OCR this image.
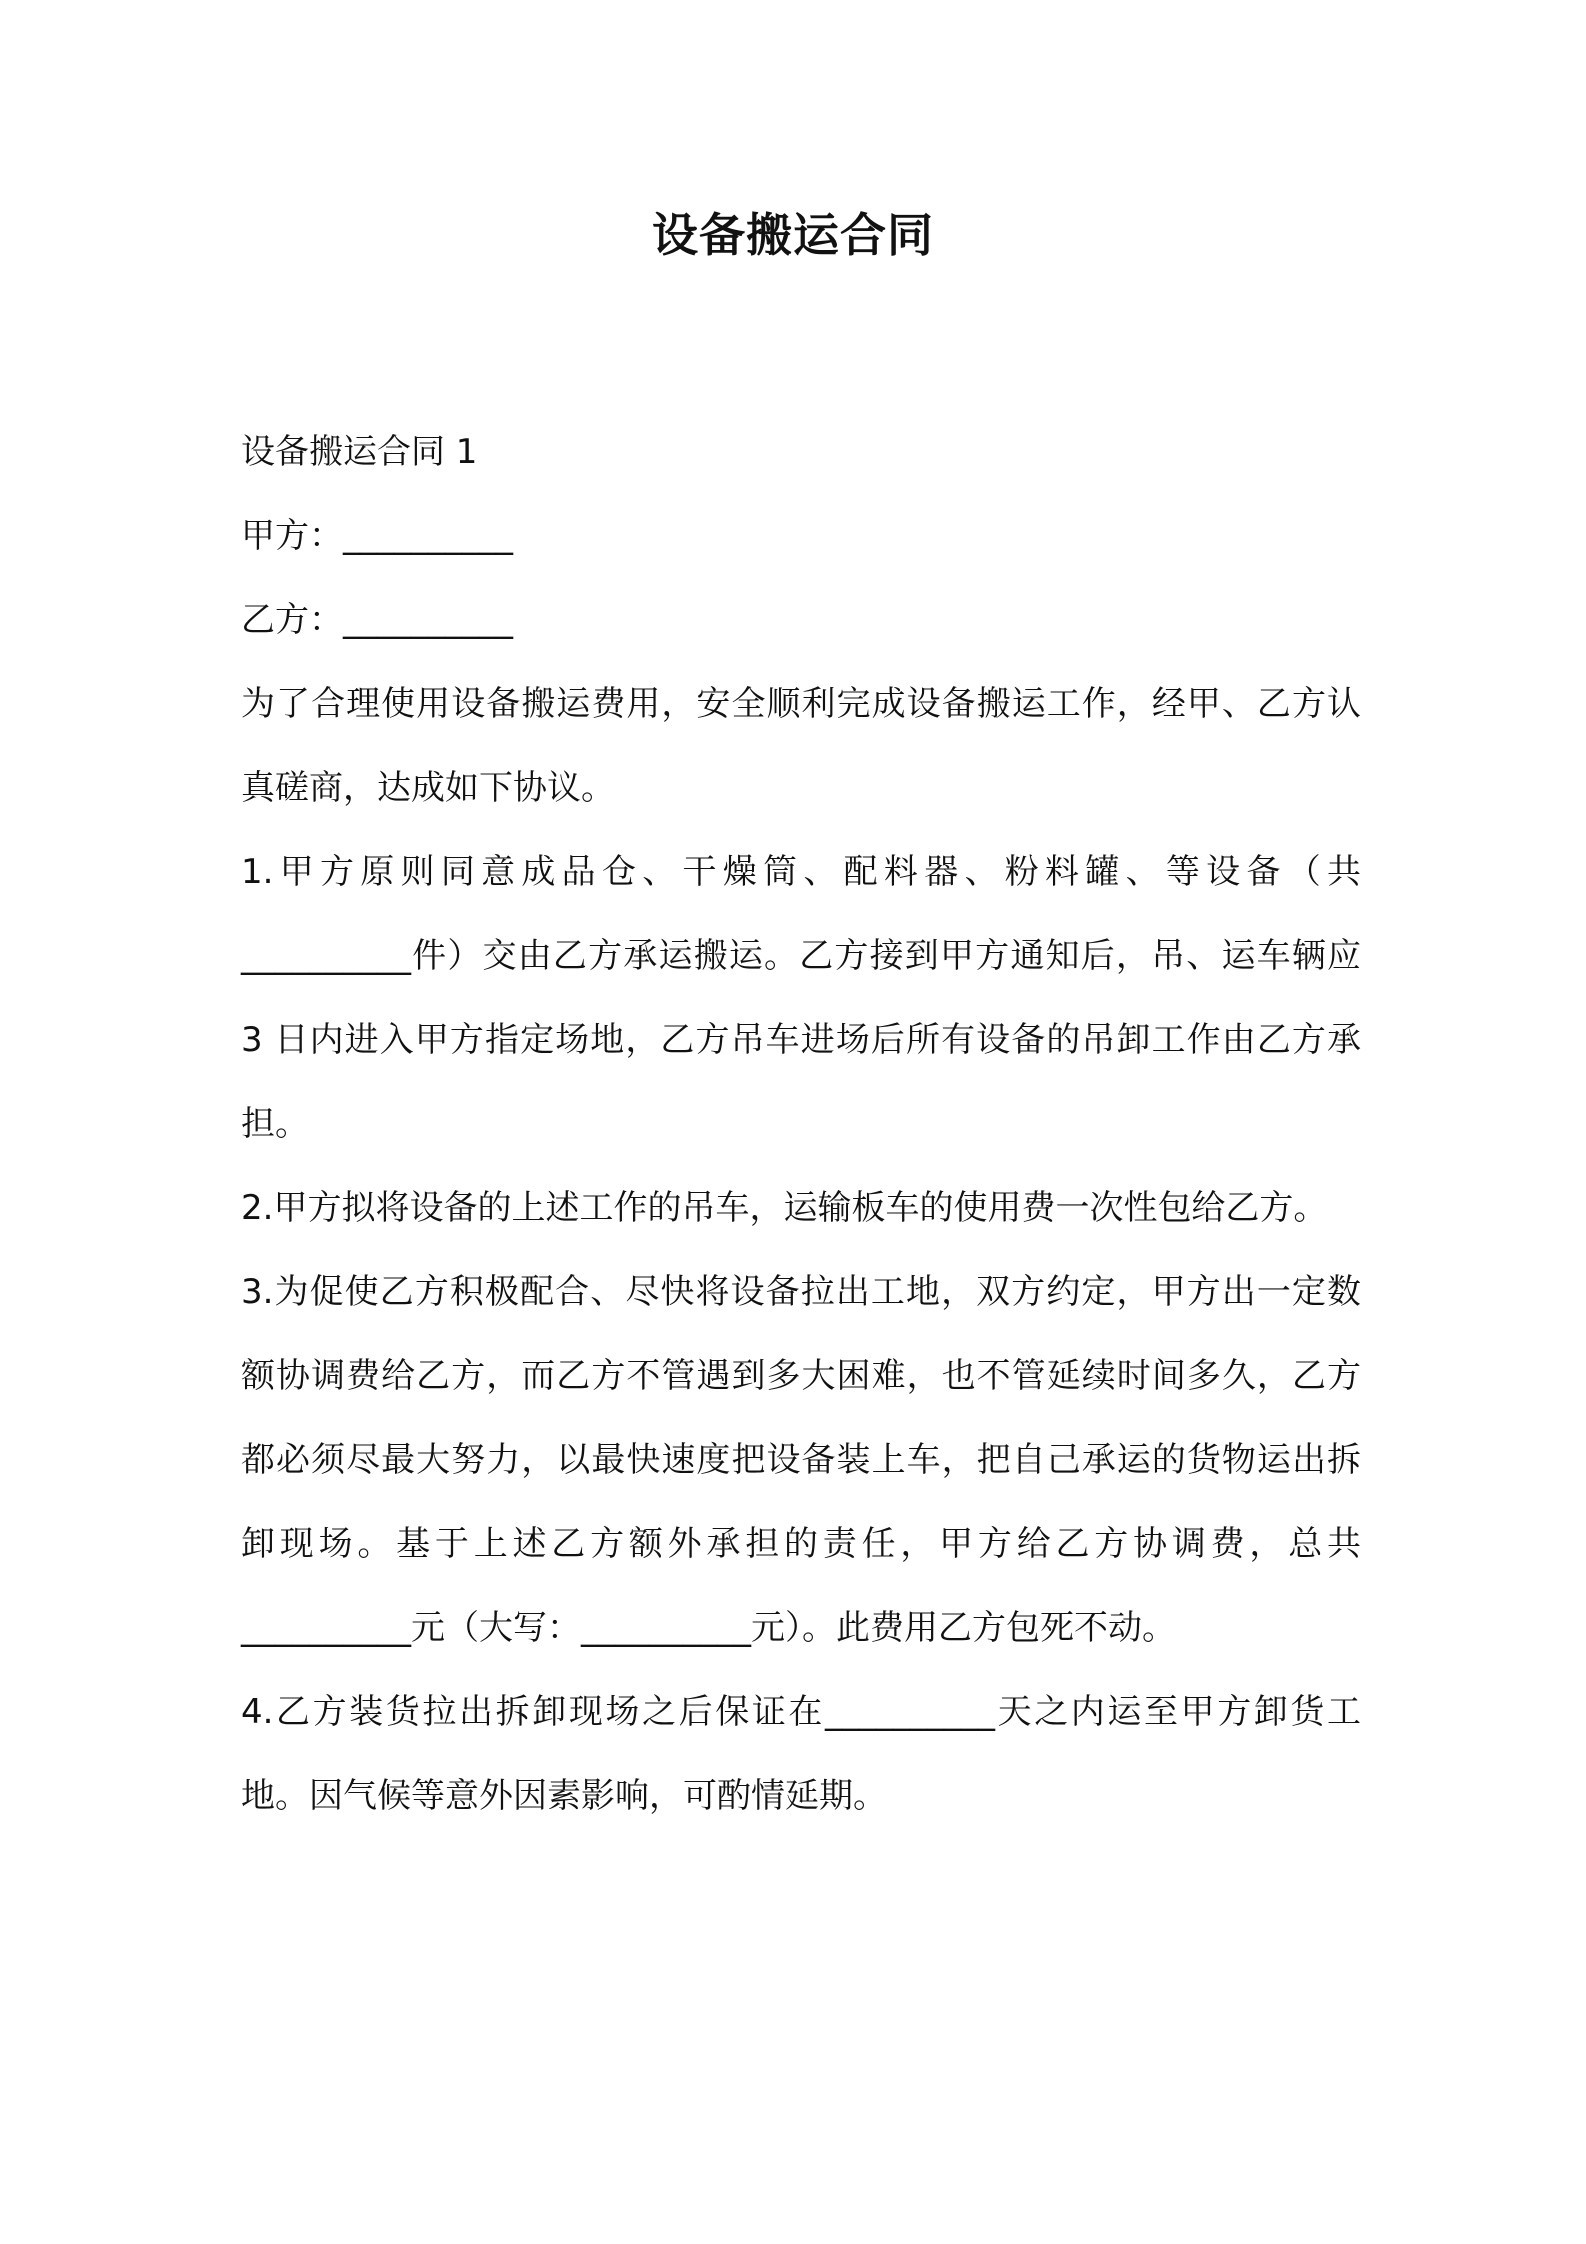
设备搬运合同

设备搬运合同 1

甲方：__________

乙方：__________

为了合理使用设备搬运费用，安全顺利完成设备搬运工作，经甲、乙方认真磋商，达成如下协议。

1.甲方原则同意成品仓、干燥筒、配料器、粉料罐、等设备（共__________件）交由乙方承运搬运。乙方接到甲方通知后，吊、运车辆应 3 日内进入甲方指定场地，乙方吊车进场后所有设备的吊卸工作由乙方承担。

2.甲方拟将设备的上述工作的吊车，运输板车的使用费一次性包给乙方。

3.为促使乙方积极配合、尽快将设备拉出工地，双方约定，甲方出一定数额协调费给乙方，而乙方不管遇到多大困难，也不管延续时间多久，乙方都必须尽最大努力，以最快速度把设备装上车，把自己承运的货物运出拆卸现场。基于上述乙方额外承担的责任，甲方给乙方协调费，总共__________元（大写：__________元）。此费用乙方包死不动。

4.乙方装货拉出拆卸现场之后保证在__________天之内运至甲方卸货工地。因气候等意外因素影响，可酌情延期。
